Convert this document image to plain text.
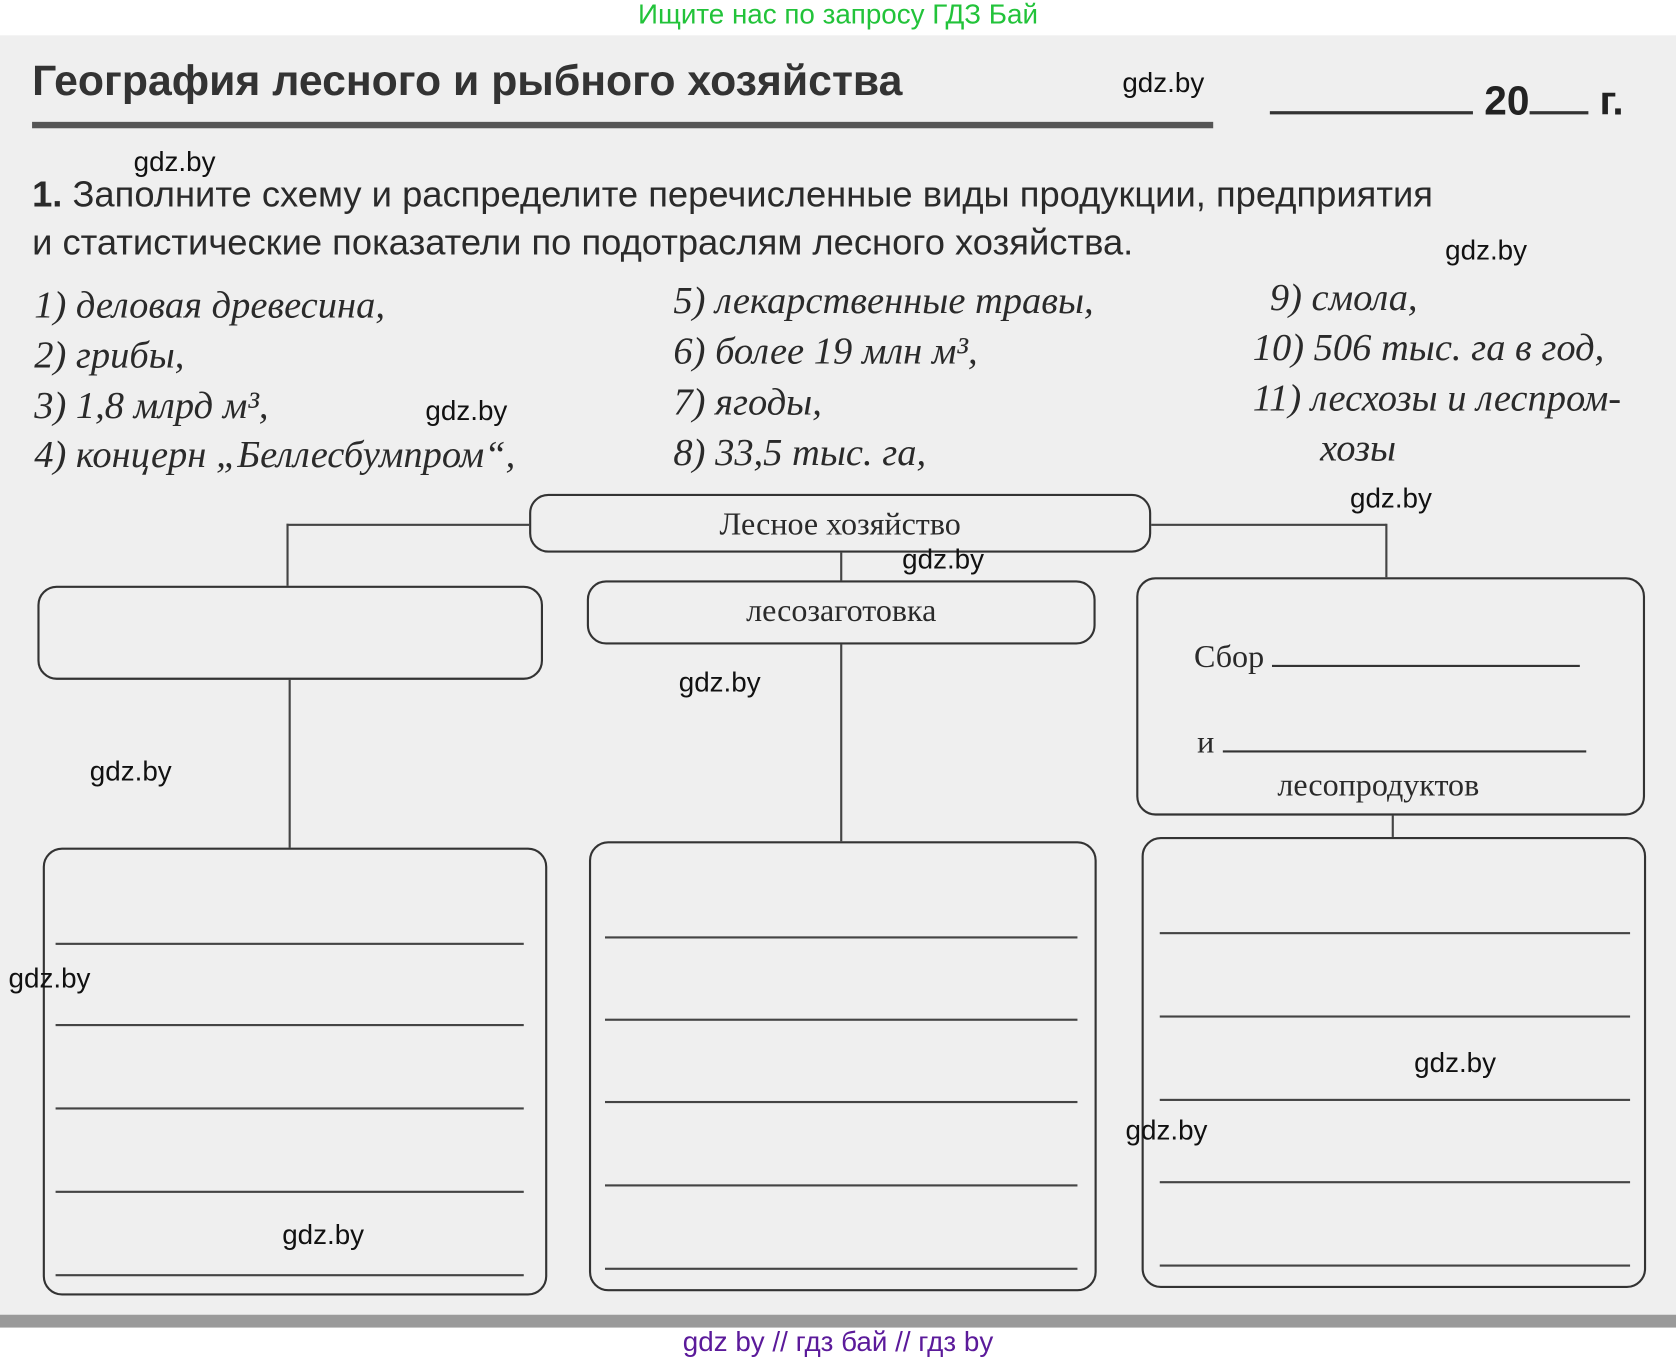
Ищите нас по запросу ГДЗ Бай
География лесного и рыбного хозяйства	20 г.
1. Заполните схему и распределите перечисленные виды продукции, предприятия
и статистические показатели по подотраслям лесного хозяйства.
1) деловая древесина,
2) грибы,
3) 1,8 млрд м³,
4) концерн „Беллесбумпром“,
5) лекарственные травы,
6) более 19 млн м³,
7) ягоды,
8) 33,5 тыс. га,
9) смола,
10) 506 тыс. га в год,
11) лесхозы и леспром-
хозы
Лесное хозяйство
лесозаготовка
Сбор
и
лесопродуктов
gdz.by
gdz.by
gdz.by
gdz.by
gdz.by
gdz.by
gdz.by
gdz.by
gdz.by
gdz.by
gdz.by
gdz.by
gdz by // гдз бай // гдз by
